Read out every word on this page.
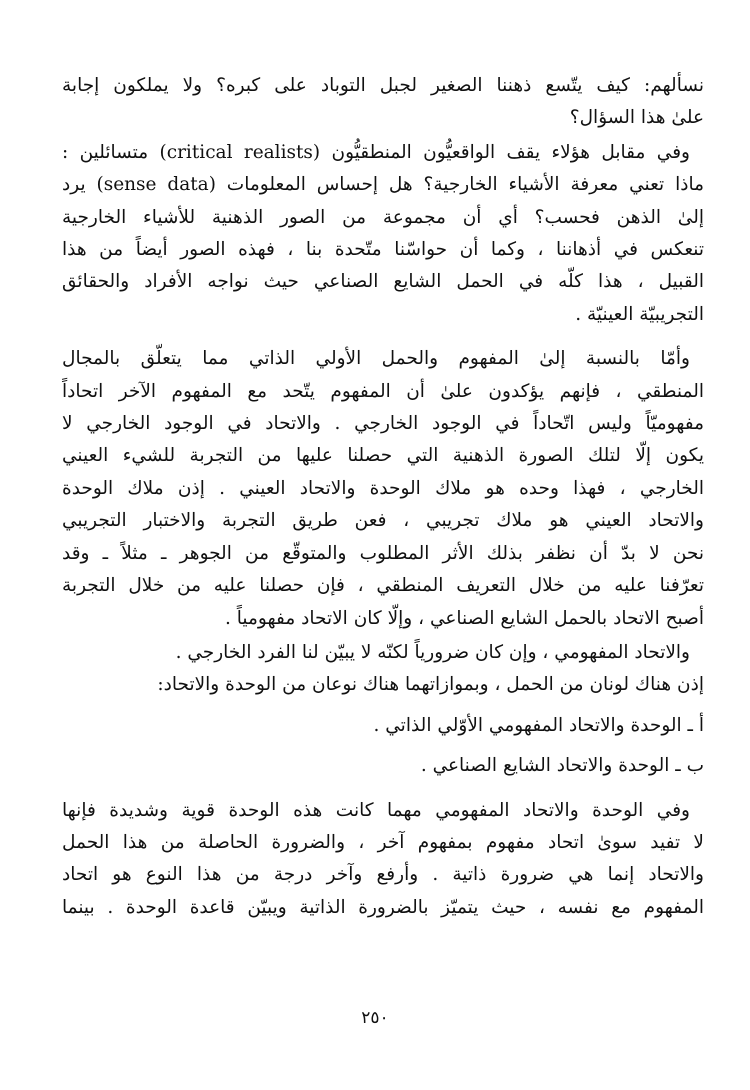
نسألهم: كيف يتّسع ذهننا الصغير لجبل التوباد على كبره؟ ولا يملكون إجابة
علىٰ هذا السؤال؟

وفي مقابل هؤلاء يقف الواقعيُّون المنطقيُّون (critical realists) متسائلين :
ماذا تعني معرفة الأشياء الخارجية؟ هل إحساس المعلومات (sense data) يرد
إلىٰ الذهن فحسب؟ أي أن مجموعة من الصور الذهنية للأشياء الخارجية
تنعكس في أذهاننا ، وكما أن حواسّنا متّحدة بنا ، فهذه الصور أيضاً من هذا
القبيل ، هذا كلّه في الحمل الشايع الصناعي حيث نواجه الأفراد والحقائق
التجريبيّة العينيّة .

وأمّا بالنسبة إلىٰ المفهوم والحمل الأولي الذاتي مما يتعلّق بالمجال
المنطقي ، فإنهم يؤكدون علىٰ أن المفهوم يتّحد مع المفهوم الآخر اتحاداً
مفهوميّاً وليس اتّحاداً في الوجود الخارجي . والاتحاد في الوجود الخارجي لا
يكون إلّا لتلك الصورة الذهنية التي حصلنا عليها من التجربة للشيء العيني
الخارجي ، فهذا وحده هو ملاك الوحدة والاتحاد العيني . إذن ملاك الوحدة
والاتحاد العيني هو ملاك تجريبي ، فعن طريق التجربة والاختبار التجريبي
نحن لا بدّ أن نظفر بذلك الأثر المطلوب والمتوقّع من الجوهر ـ مثلاً ـ وقد
تعرّفنا عليه من خلال التعريف المنطقي ، فإن حصلنا عليه من خلال التجربة
أصبح الاتحاد بالحمل الشايع الصناعي ، وإلّا كان الاتحاد مفهومياً .

والاتحاد المفهومي ، وإن كان ضرورياً لكنّه لا يبيّن لنا الفرد الخارجي .
إذن هناك لونان من الحمل ، وبموازاتهما هناك نوعان من الوحدة والاتحاد:

أ ـ الوحدة والاتحاد المفهومي الأوّلي الذاتي .
ب ـ الوحدة والاتحاد الشايع الصناعي .

وفي الوحدة والاتحاد المفهومي مهما كانت هذه الوحدة قوية وشديدة فإنها
لا تفيد سوىٰ اتحاد مفهوم بمفهوم آخر ، والضرورة الحاصلة من هذا الحمل
والاتحاد إنما هي ضرورة ذاتية . وأرفع وآخر درجة من هذا النوع هو اتحاد
المفهوم مع نفسه ، حيث يتميّز بالضرورة الذاتية ويبيّن قاعدة الوحدة . بينما

٢٥٠
